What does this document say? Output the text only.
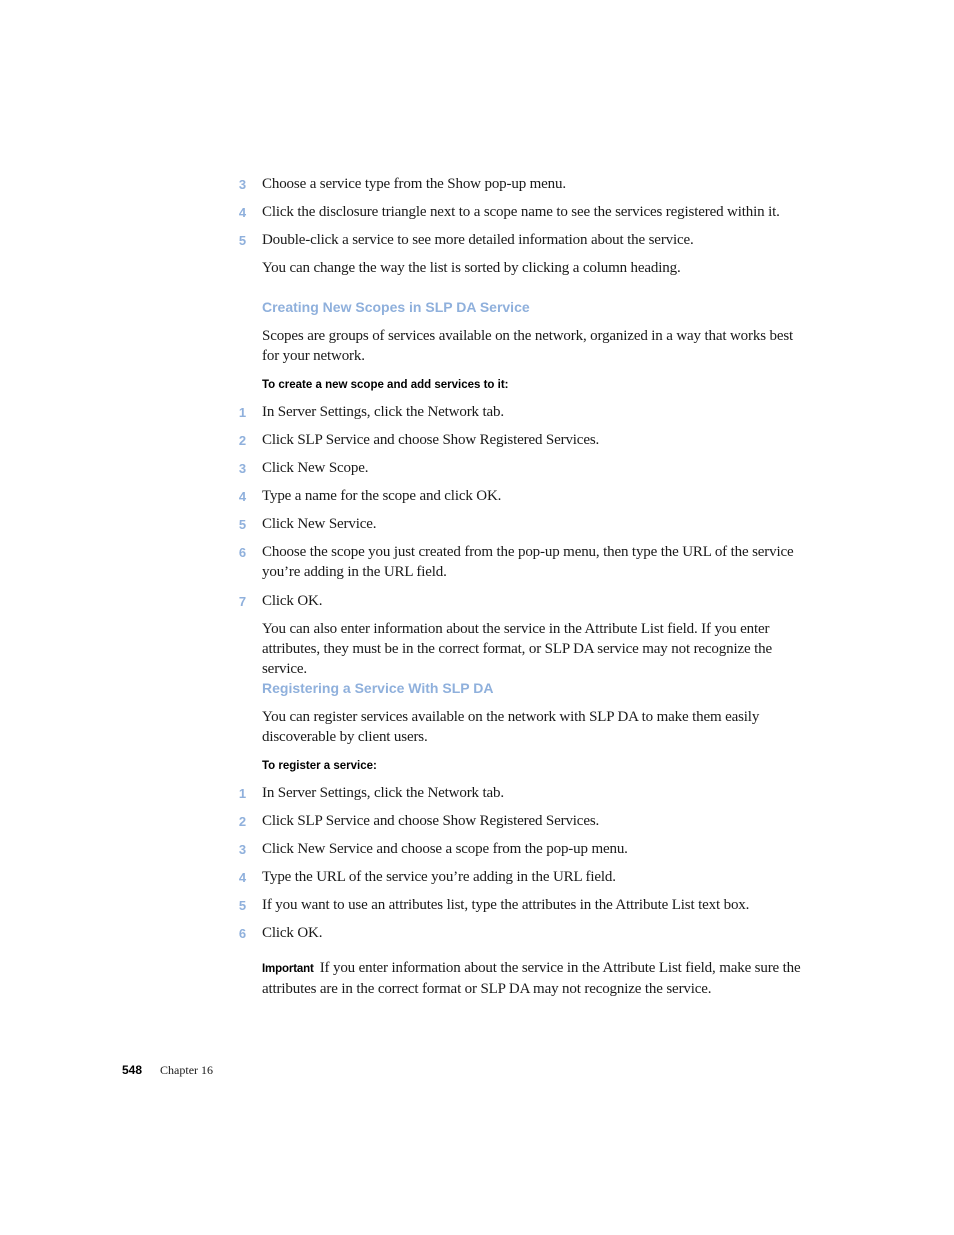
3 Choose a service type from the Show pop-up menu.
4 Click the disclosure triangle next to a scope name to see the services registered within it.
5 Double-click a service to see more detailed information about the service.
You can change the way the list is sorted by clicking a column heading.
Creating New Scopes in SLP DA Service
Scopes are groups of services available on the network, organized in a way that works best for your network.
To create a new scope and add services to it:
1 In Server Settings, click the Network tab.
2 Click SLP Service and choose Show Registered Services.
3 Click New Scope.
4 Type a name for the scope and click OK.
5 Click New Service.
6 Choose the scope you just created from the pop-up menu, then type the URL of the service you’re adding in the URL field.
7 Click OK.
You can also enter information about the service in the Attribute List field. If you enter attributes, they must be in the correct format, or SLP DA service may not recognize the service.
Registering a Service With SLP DA
You can register services available on the network with SLP DA to make them easily discoverable by client users.
To register a service:
1 In Server Settings, click the Network tab.
2 Click SLP Service and choose Show Registered Services.
3 Click New Service and choose a scope from the pop-up menu.
4 Type the URL of the service you’re adding in the URL field.
5 If you want to use an attributes list, type the attributes in the Attribute List text box.
6 Click OK.
Important If you enter information about the service in the Attribute List field, make sure the attributes are in the correct format or SLP DA may not recognize the service.
548 Chapter 16
